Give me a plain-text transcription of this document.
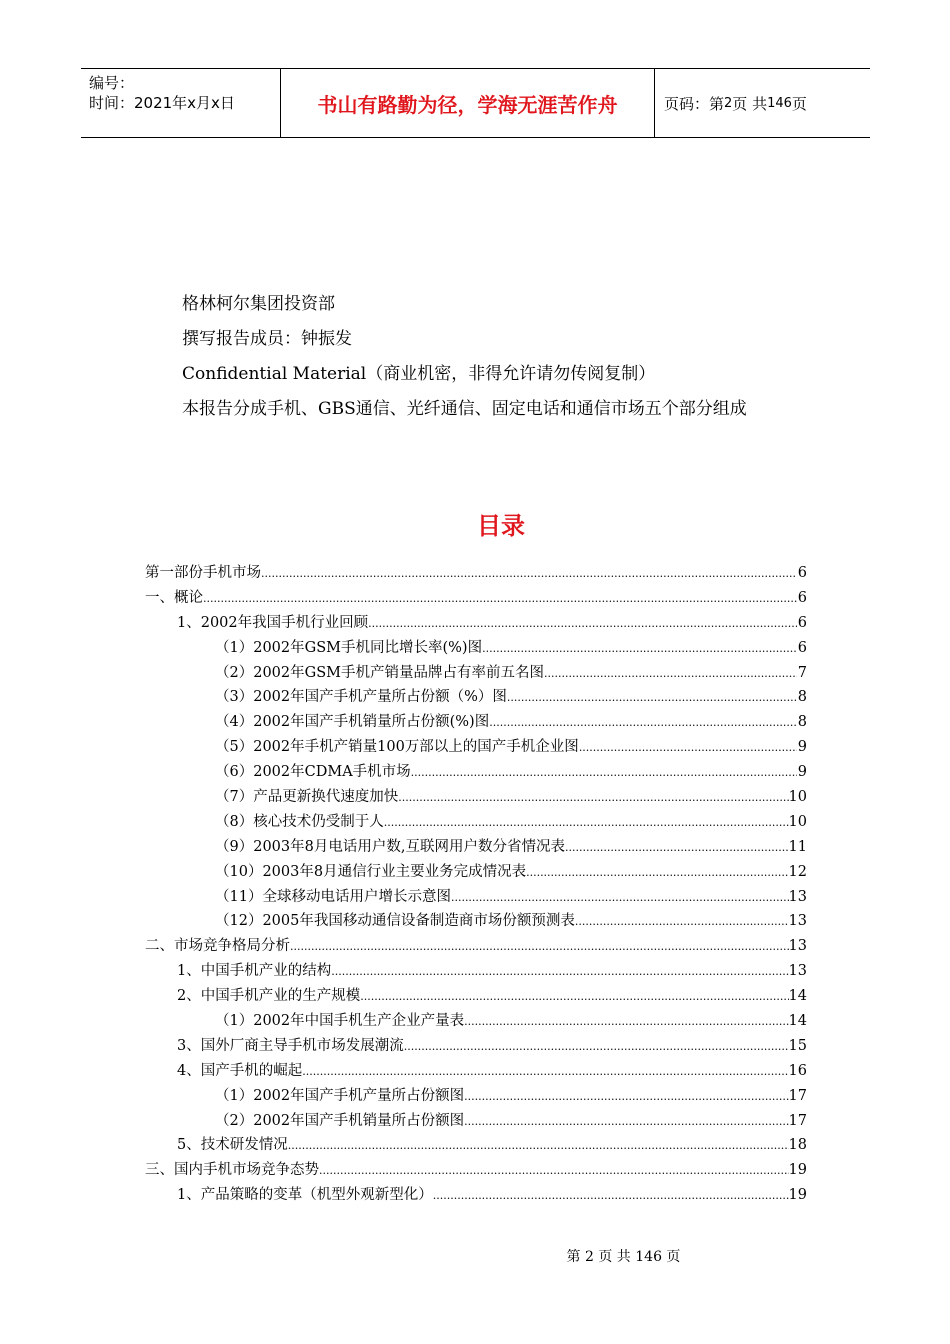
编号：
时间：2021年x月x日	书山有路勤为径，学海无涯苦作舟	页码：第 2 页 共 146 页
格林柯尔集团投资部
撰写报告成员：钟振发
Confidential Material（商业机密，非得允许请勿传阅复制）
本报告分成手机、GBS通信、光纤通信、固定电话和通信市场五个部分组成
目录
第一部份手机市场 .....	6
一、概论 .....	6
1、2002年我国手机行业回顾 .....	6
（1）2002年GSM手机同比增长率(%)图 .....	6
（2）2002年GSM手机产销量品牌占有率前五名图 .....	7
（3）2002年国产手机产量所占份额（%）图 .....	8
（4）2002年国产手机销量所占份额(%)图 .....	8
（5）2002年手机产销量100万部以上的国产手机企业图 .....	9
（6）2002年CDMA手机市场 .....	9
（7）产品更新换代速度加快 .....	10
（8）核心技术仍受制于人 .....	10
（9）2003年8月电话用户数,互联网用户数分省情况表 .....	11
（10）2003年8月通信行业主要业务完成情况表 .....	12
（11）全球移动电话用户增长示意图 .....	13
（12）2005年我国移动通信设备制造商市场份额预测表 .....	13
二、市场竞争格局分析 .....	13
1、中国手机产业的结构 .....	13
2、中国手机产业的生产规模 .....	14
（1）2002年中国手机生产企业产量表 .....	14
3、国外厂商主导手机市场发展潮流 .....	15
4、国产手机的崛起 .....	16
（1）2002年国产手机产量所占份额图 .....	17
（2）2002年国产手机销量所占份额图 .....	17
5、技术研发情况 .....	18
三、国内手机市场竞争态势 .....	19
1、产品策略的变革（机型外观新型化） .....	19
第 2 页 共 146 页
